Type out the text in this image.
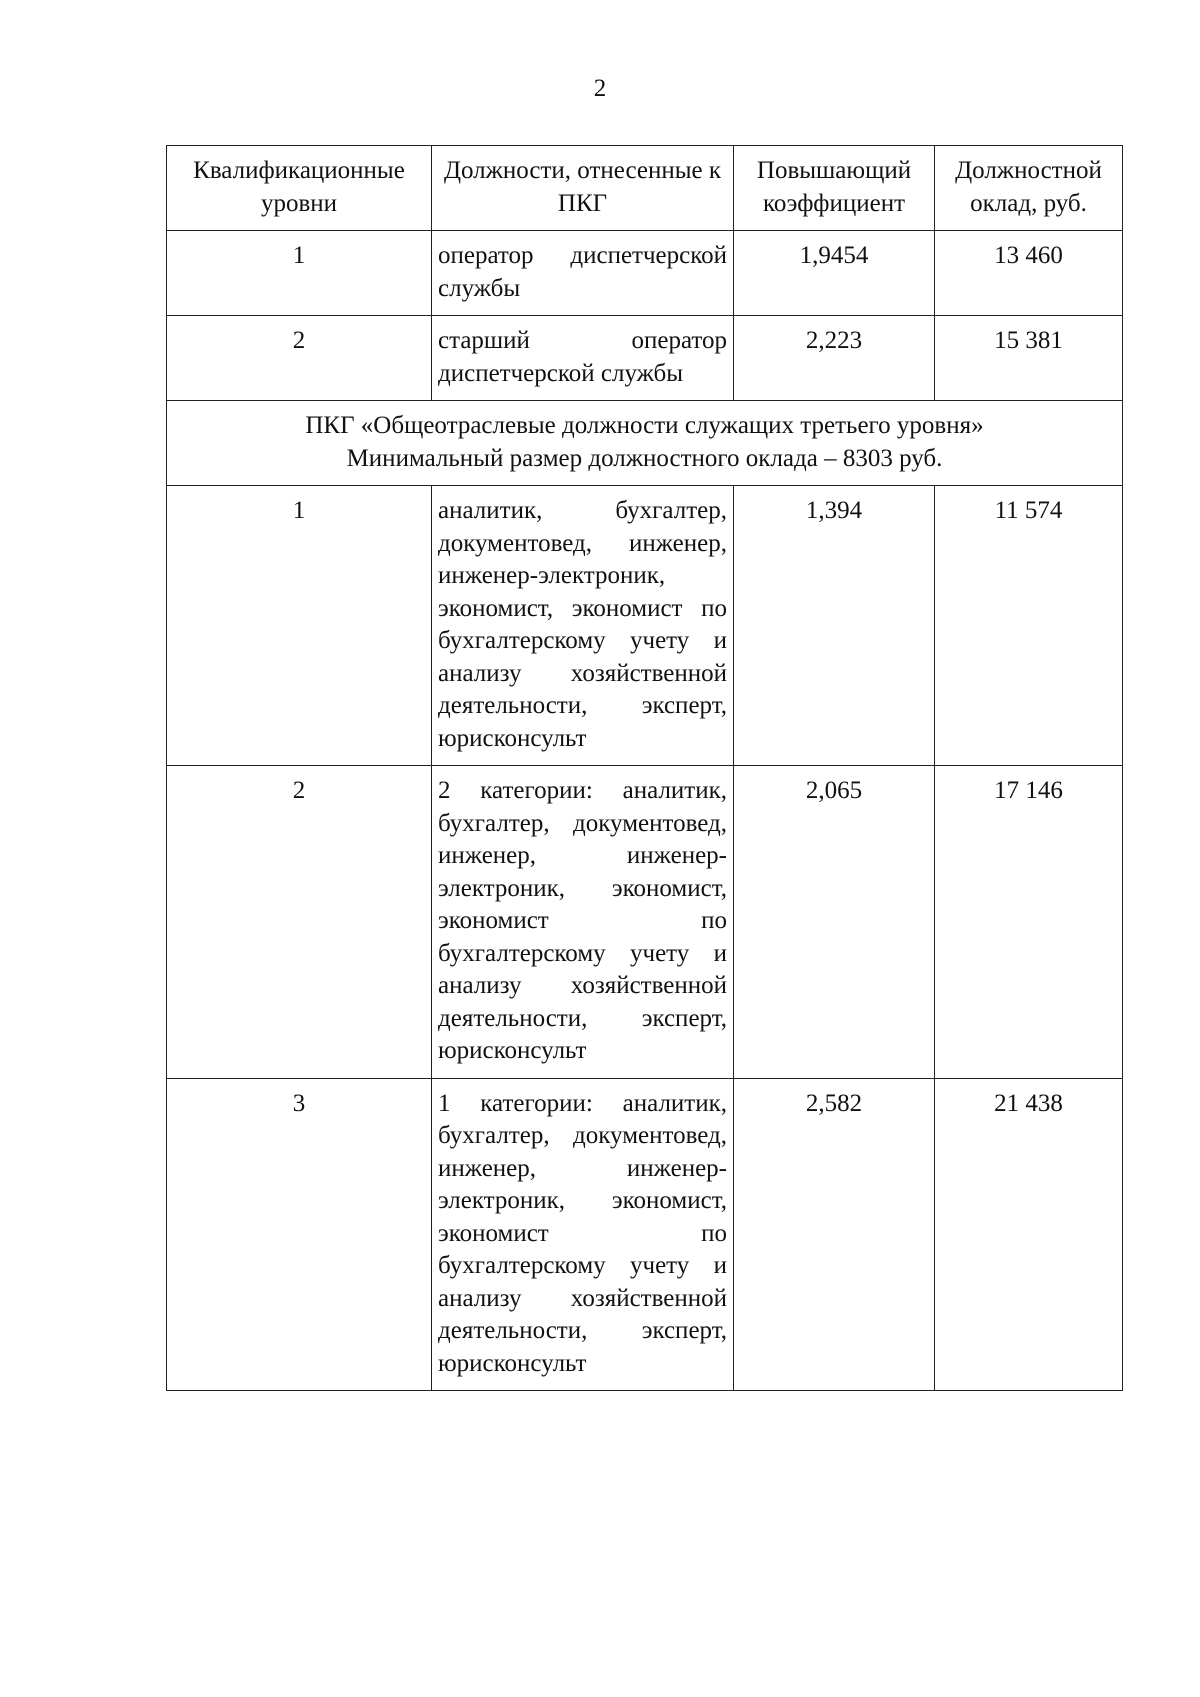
2
Квалификационные уровни	Должности, отнесенные к ПКГ	Повышающий коэффициент	Должностной оклад, руб.
1	оператор диспетчерской службы	1,9454	13 460
2	старший оператор диспетчерской службы	2,223	15 381

ПКГ «Общеотраслевые должности служащих третьего уровня»
Минимальный размер должностного оклада – 8303 руб.			

1	аналитик, бухгалтер, документовед, инженер, инженер-электроник, экономист, экономист по бухгалтерскому учету и анализу хозяйственной деятельности, эксперт, юрисконсульт	1,394	11 574
2	2 категории: аналитик, бухгалтер, документовед, инженер, инженер-электроник, экономист, экономист по бухгалтерскому учету и анализу хозяйственной деятельности, эксперт, юрисконсульт	2,065	17 146
3	1 категории: аналитик, бухгалтер, документовед, инженер, инженер-электроник, экономист, экономист по бухгалтерскому учету и анализу хозяйственной деятельности, эксперт, юрисконсульт	2,582	21 438
